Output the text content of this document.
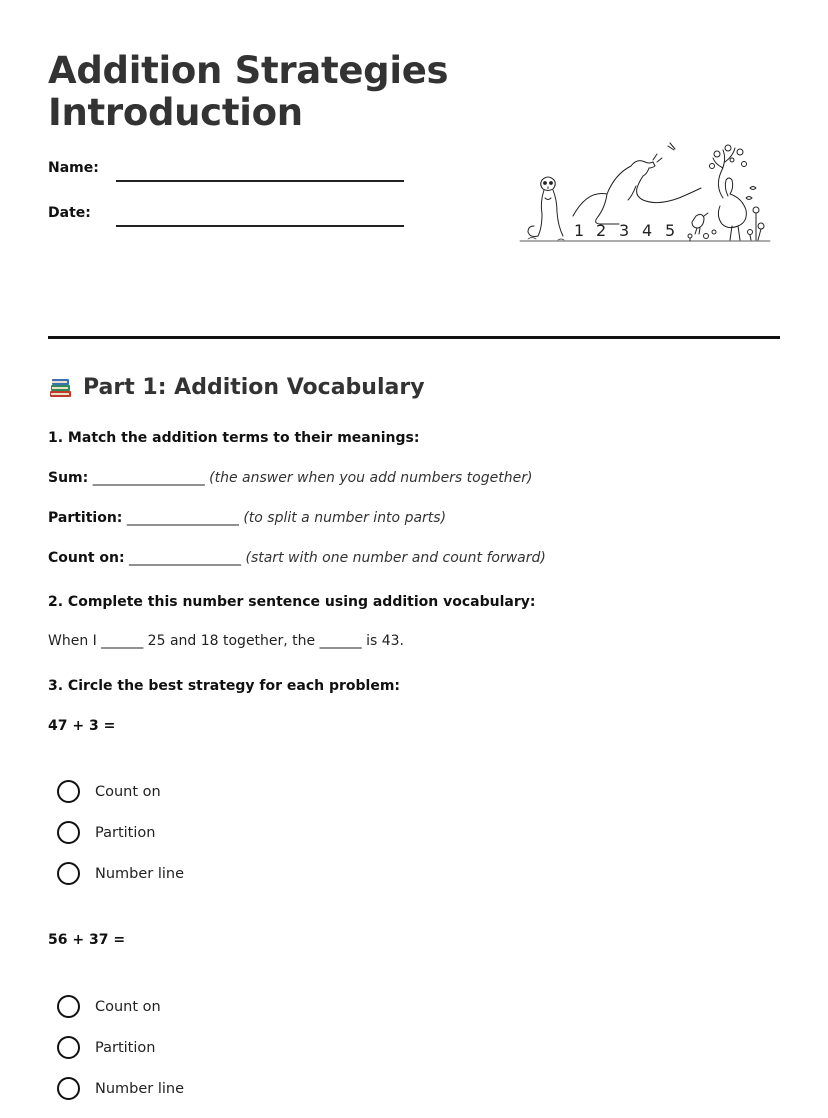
Addition Strategies
Introduction
Name:
Date:
1 2 3 4 5
Part 1: Addition Vocabulary
1. Match the addition terms to their meanings:
Sum: ________________ (the answer when you add numbers together)
Partition: ________________ (to split a number into parts)
Count on: ________________ (start with one number and count forward)
2. Complete this number sentence using addition vocabulary:
When I ______ 25 and 18 together, the ______ is 43.
3. Circle the best strategy for each problem:
47 + 3 =
Count on
Partition
Number line
56 + 37 =
Count on
Partition
Number line
